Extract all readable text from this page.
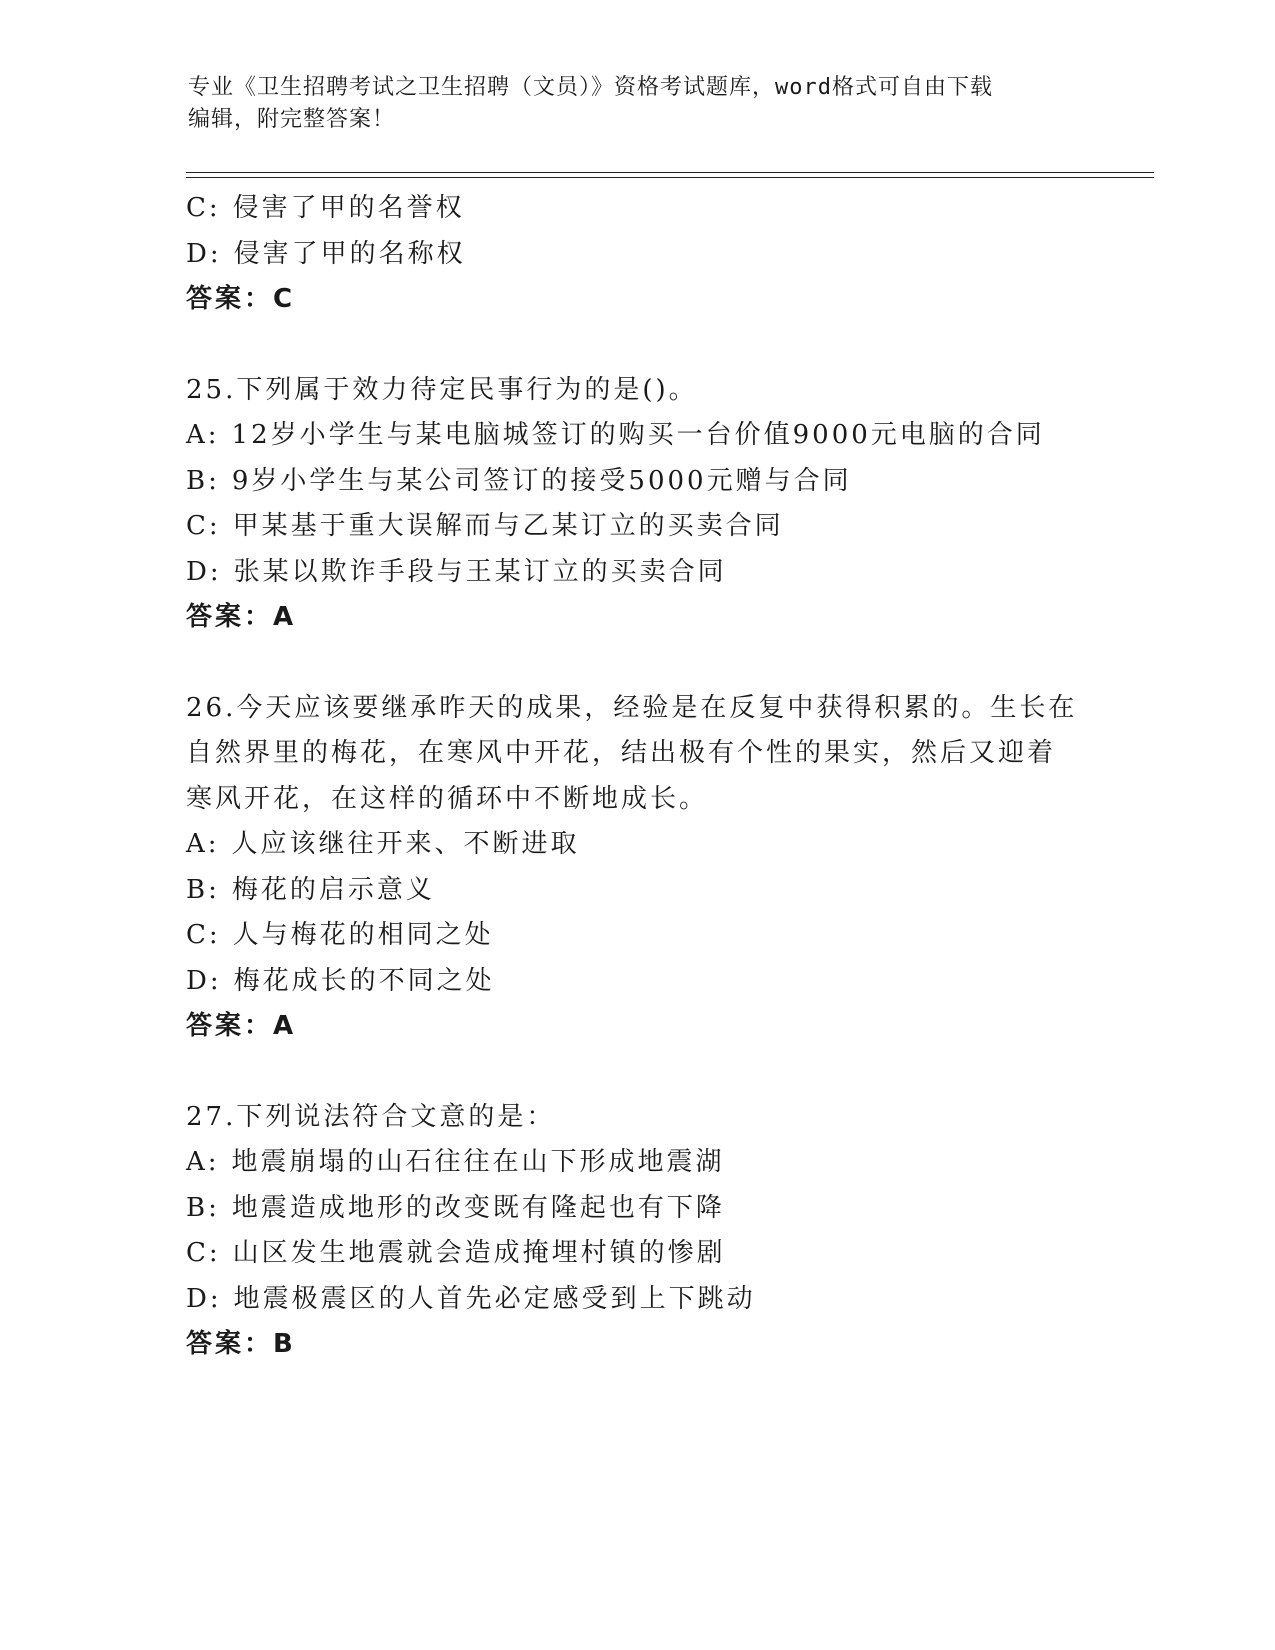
专业《卫生招聘考试之卫生招聘（文员）》资格考试题库，word格式可自由下载
编辑，附完整答案！
C: 侵害了甲的名誉权
D: 侵害了甲的名称权
答案：C
25.下列属于效力待定民事行为的是()。
A: 12岁小学生与某电脑城签订的购买一台价值9000元电脑的合同
B: 9岁小学生与某公司签订的接受5000元赠与合同
C: 甲某基于重大误解而与乙某订立的买卖合同
D: 张某以欺诈手段与王某订立的买卖合同
答案：A
26.今天应该要继承昨天的成果，经验是在反复中获得积累的。生长在
自然界里的梅花，在寒风中开花，结出极有个性的果实，然后又迎着
寒风开花，在这样的循环中不断地成长。
A: 人应该继往开来、不断进取
B: 梅花的启示意义
C: 人与梅花的相同之处
D: 梅花成长的不同之处
答案：A
27.下列说法符合文意的是：
A: 地震崩塌的山石往往在山下形成地震湖
B: 地震造成地形的改变既有隆起也有下降
C: 山区发生地震就会造成掩埋村镇的惨剧
D: 地震极震区的人首先必定感受到上下跳动
答案：B
